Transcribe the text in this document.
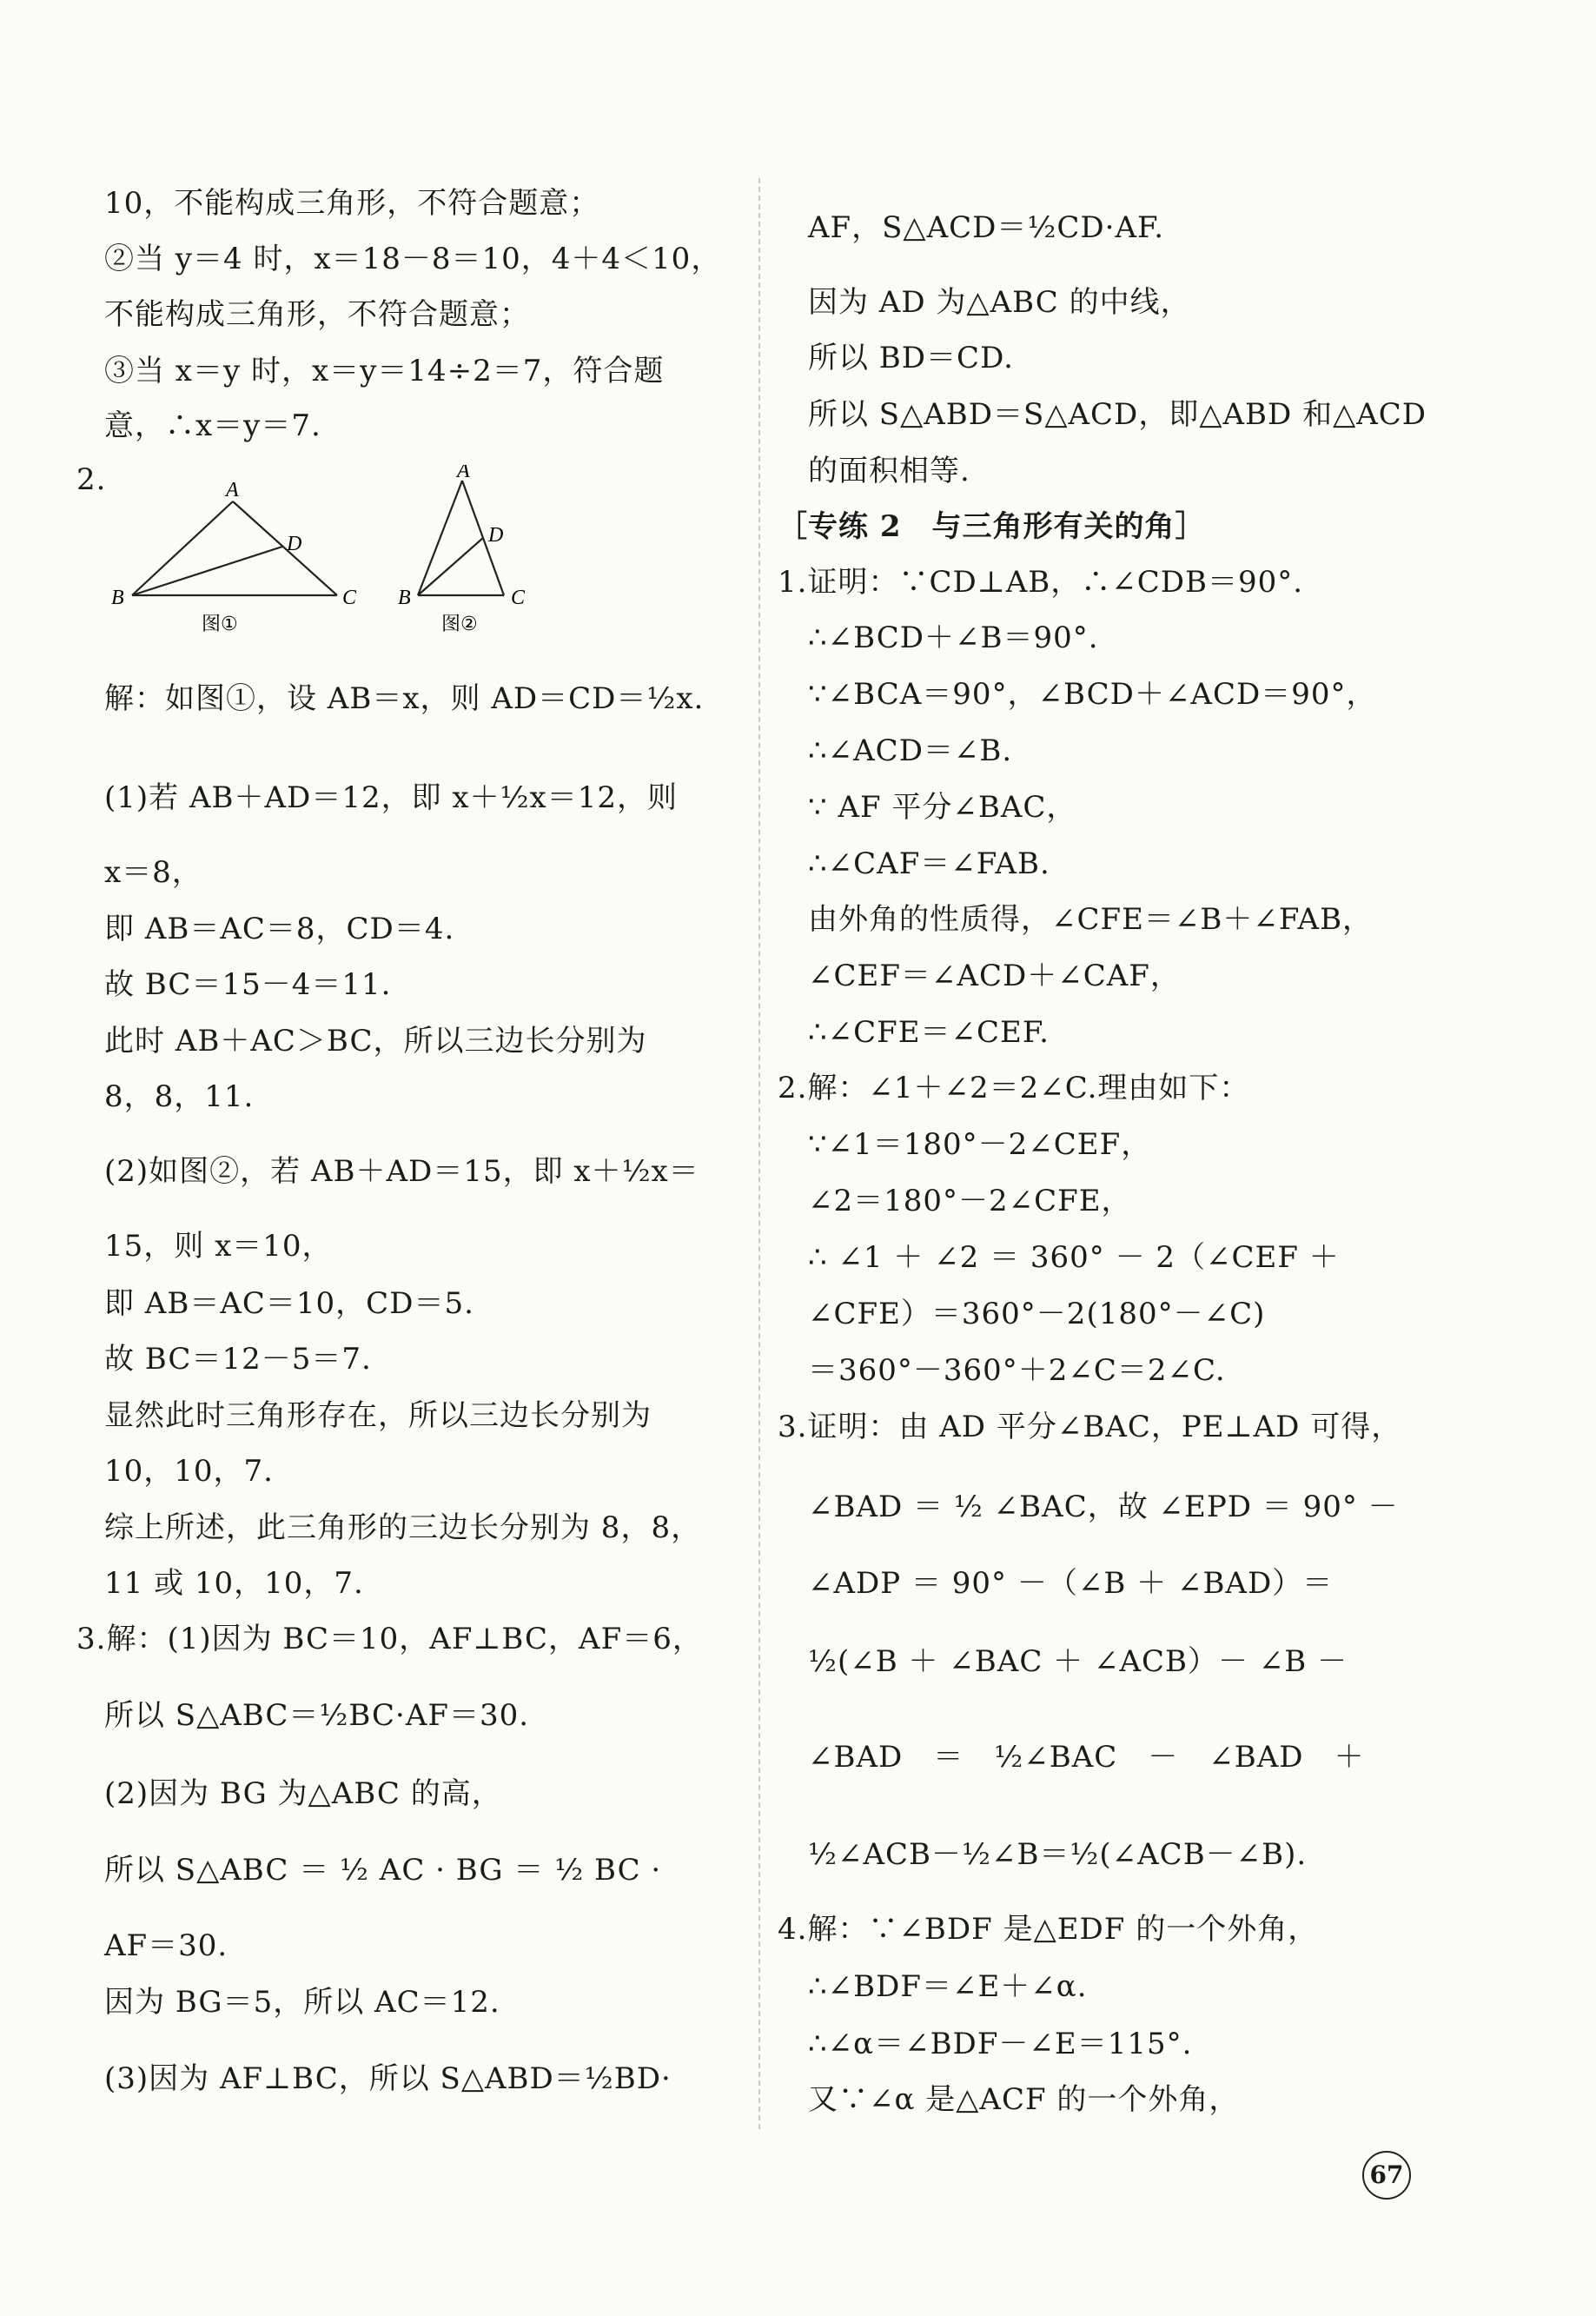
10，不能构成三角形，不符合题意；
②当 y＝4 时，x＝18－8＝10，4＋4＜10，
不能构成三角形，不符合题意；
③当 x＝y 时，x＝y＝14÷2＝7，符合题
意，∴x＝y＝7.
2.	A
B	C
D
图①
A
B	C
D
图②
解：如图①，设 AB＝x，则 AD＝CD＝½x.
(1)若 AB＋AD＝12，即 x＋½x＝12，则
x＝8，
即 AB＝AC＝8，CD＝4.
故 BC＝15－4＝11.
此时 AB＋AC＞BC，所以三边长分别为
8，8，11.
(2)如图②，若 AB＋AD＝15，即 x＋½x＝
15，则 x＝10，
即 AB＝AC＝10，CD＝5.
故 BC＝12－5＝7.
显然此时三角形存在，所以三边长分别为
10，10，7.
综上所述，此三角形的三边长分别为 8，8，
11 或 10，10，7.
3.解：(1)因为 BC＝10，AF⊥BC，AF＝6，
所以 S△ABC＝½BC·AF＝30.
(2)因为 BG 为△ABC 的高，
所以 S△ABC ＝ ½ AC · BG ＝ ½ BC ·
AF＝30.
因为 BG＝5，所以 AC＝12.
(3)因为 AF⊥BC，所以 S△ABD＝½BD·
AF，S△ACD＝½CD·AF.
因为 AD 为△ABC 的中线，
所以 BD＝CD.
所以 S△ABD＝S△ACD，即△ABD 和△ACD
的面积相等.
［专练 2　与三角形有关的角］
1.证明：∵CD⊥AB，∴∠CDB＝90°.
∴∠BCD＋∠B＝90°.
∵∠BCA＝90°，∠BCD＋∠ACD＝90°，
∴∠ACD＝∠B.
∵ AF 平分∠BAC，
∴∠CAF＝∠FAB.
由外角的性质得，∠CFE＝∠B＋∠FAB，
∠CEF＝∠ACD＋∠CAF，
∴∠CFE＝∠CEF.
2.解：∠1＋∠2＝2∠C.理由如下：
∵∠1＝180°－2∠CEF，
∠2＝180°－2∠CFE，
∴ ∠1 ＋ ∠2 ＝ 360° － 2（∠CEF ＋
∠CFE）＝360°－2(180°－∠C)
＝360°－360°＋2∠C＝2∠C.
3.证明：由 AD 平分∠BAC，PE⊥AD 可得，
∠BAD ＝ ½ ∠BAC，故 ∠EPD ＝ 90° －
∠ADP ＝ 90° －（∠B ＋ ∠BAD）＝
½(∠B ＋ ∠BAC ＋ ∠ACB）－ ∠B －
∠BAD　＝　½∠BAC　－　∠BAD　＋
½∠ACB－½∠B＝½(∠ACB－∠B).
4.解：∵∠BDF 是△EDF 的一个外角，
∴∠BDF＝∠E＋∠α.
∴∠α＝∠BDF－∠E＝115°.
又∵∠α 是△ACF 的一个外角，
67
